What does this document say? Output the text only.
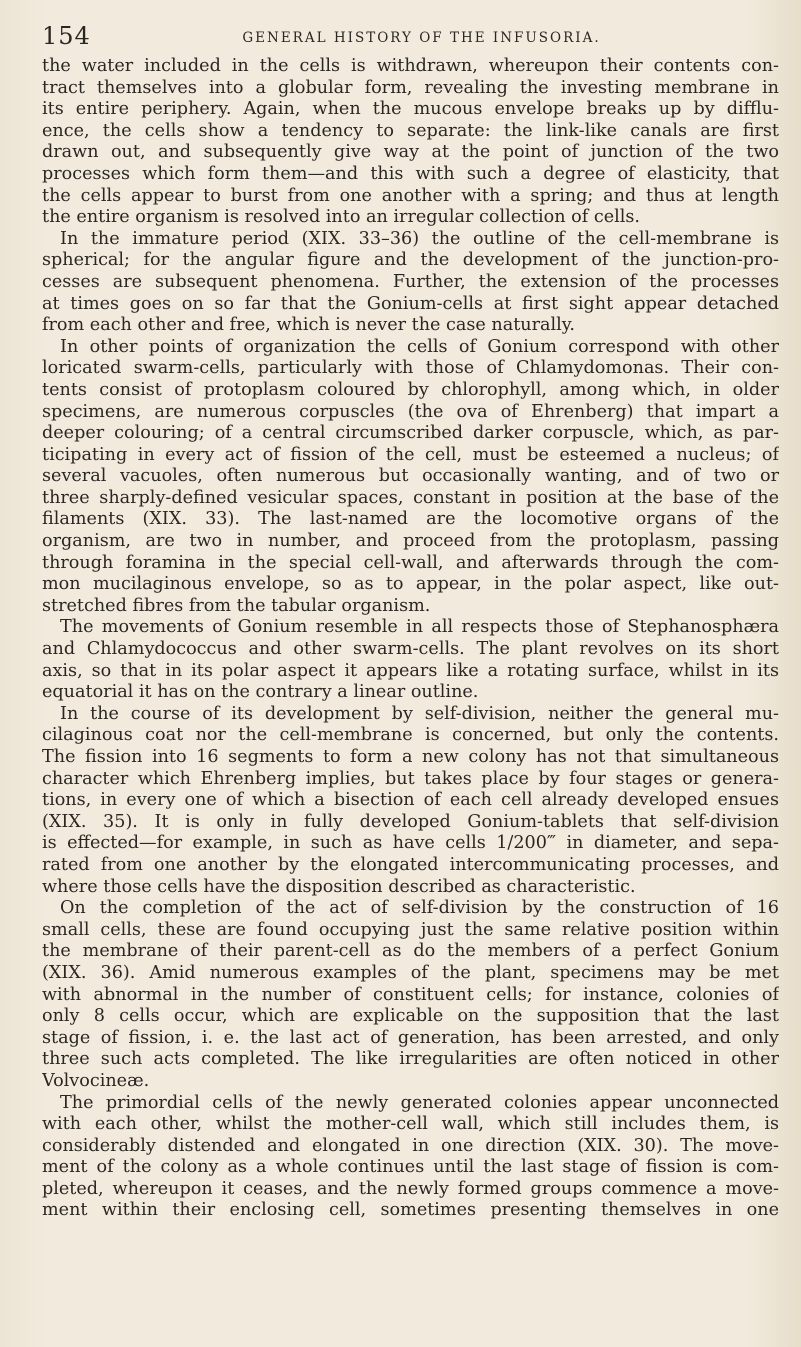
154	GENERAL HISTORY OF THE INFUSORIA.
the water included in the cells is withdrawn, whereupon their contents con-
tract themselves into a globular form, revealing the investing membrane in
its entire periphery. Again, when the mucous envelope breaks up by difflu-
ence, the cells show a tendency to separate: the link-like canals are first
drawn out, and subsequently give way at the point of junction of the two
processes which form them—and this with such a degree of elasticity, that
the cells appear to burst from one another with a spring; and thus at length
the entire organism is resolved into an irregular collection of cells.
In the immature period (XIX. 33–36) the outline of the cell-membrane is
spherical; for the angular figure and the development of the junction-pro-
cesses are subsequent phenomena. Further, the extension of the processes
at times goes on so far that the Gonium-cells at first sight appear detached
from each other and free, which is never the case naturally.
In other points of organization the cells of Gonium correspond with other
loricated swarm-cells, particularly with those of Chlamydomonas. Their con-
tents consist of protoplasm coloured by chlorophyll, among which, in older
specimens, are numerous corpuscles (the ova of Ehrenberg) that impart a
deeper colouring; of a central circumscribed darker corpuscle, which, as par-
ticipating in every act of fission of the cell, must be esteemed a nucleus; of
several vacuoles, often numerous but occasionally wanting, and of two or
three sharply-defined vesicular spaces, constant in position at the base of the
filaments (XIX. 33). The last-named are the locomotive organs of the
organism, are two in number, and proceed from the protoplasm, passing
through foramina in the special cell-wall, and afterwards through the com-
mon mucilaginous envelope, so as to appear, in the polar aspect, like out-
stretched fibres from the tabular organism.
The movements of Gonium resemble in all respects those of Stephanosphæra
and Chlamydococcus and other swarm-cells. The plant revolves on its short
axis, so that in its polar aspect it appears like a rotating surface, whilst in its
equatorial it has on the contrary a linear outline.
In the course of its development by self-division, neither the general mu-
cilaginous coat nor the cell-membrane is concerned, but only the contents.
The fission into 16 segments to form a new colony has not that simultaneous
character which Ehrenberg implies, but takes place by four stages or genera-
tions, in every one of which a bisection of each cell already developed ensues
(XIX. 35). It is only in fully developed Gonium-tablets that self-division
is effected—for example, in such as have cells 1/200‴ in diameter, and sepa-
rated from one another by the elongated intercommunicating processes, and
where those cells have the disposition described as characteristic.
On the completion of the act of self-division by the construction of 16
small cells, these are found occupying just the same relative position within
the membrane of their parent-cell as do the members of a perfect Gonium
(XIX. 36). Amid numerous examples of the plant, specimens may be met
with abnormal in the number of constituent cells; for instance, colonies of
only 8 cells occur, which are explicable on the supposition that the last
stage of fission, i. e. the last act of generation, has been arrested, and only
three such acts completed. The like irregularities are often noticed in other
Volvocineæ.
The primordial cells of the newly generated colonies appear unconnected
with each other, whilst the mother-cell wall, which still includes them, is
considerably distended and elongated in one direction (XIX. 30). The move-
ment of the colony as a whole continues until the last stage of fission is com-
pleted, whereupon it ceases, and the newly formed groups commence a move-
ment within their enclosing cell, sometimes presenting themselves in one
